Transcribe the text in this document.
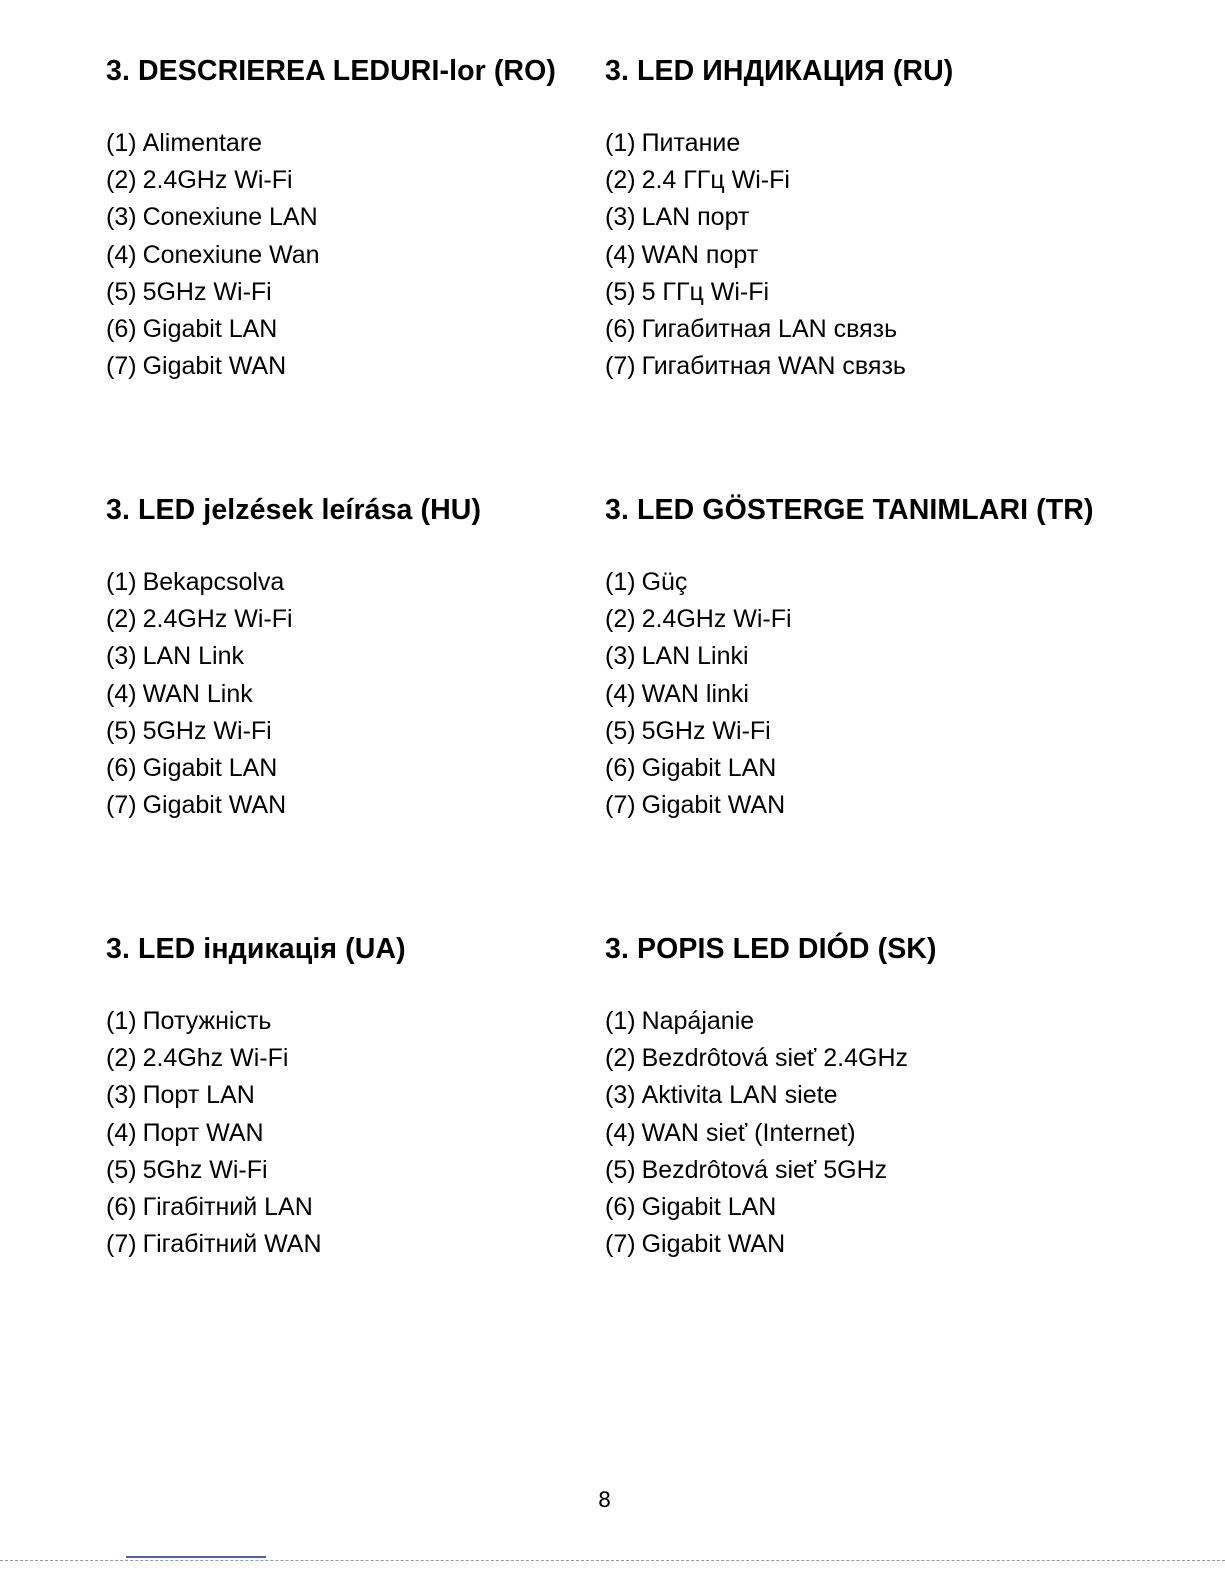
3. DESCRIEREA LEDURI-lor (RO)
(1) Alimentare
(2) 2.4GHz Wi-Fi
(3) Conexiune LAN
(4) Conexiune Wan
(5) 5GHz Wi-Fi
(6) Gigabit LAN
(7) Gigabit WAN
3. LED ИНДИКАЦИЯ (RU)
(1) Питание
(2) 2.4 ГГц Wi-Fi
(3) LAN порт
(4) WAN порт
(5) 5 ГГц Wi-Fi
(6) Гигабитная LAN связь
(7) Гигабитная WAN связь
3. LED jelzések leírása (HU)
(1) Bekapcsolva
(2) 2.4GHz Wi-Fi
(3) LAN Link
(4) WAN Link
(5) 5GHz Wi-Fi
(6) Gigabit LAN
(7) Gigabit WAN
3. LED GÖSTERGE TANIMLARI (TR)
(1) Güç
(2) 2.4GHz Wi-Fi
(3) LAN Linki
(4) WAN linki
(5) 5GHz Wi-Fi
(6) Gigabit LAN
(7) Gigabit WAN
3. LED індикація (UA)
(1) Потужність
(2) 2.4Ghz Wi-Fi
(3) Порт LAN
(4) Порт WAN
(5) 5Ghz Wi-Fi
(6) Гігабітний LAN
(7) Гігабітний WAN
3. POPIS LED DIÓD (SK)
(1) Napájanie
(2) Bezdrôtová sieť 2.4GHz
(3) Aktivita LAN siete
(4) WAN sieť (Internet)
(5) Bezdrôtová sieť 5GHz
(6) Gigabit LAN
(7) Gigabit WAN
8
